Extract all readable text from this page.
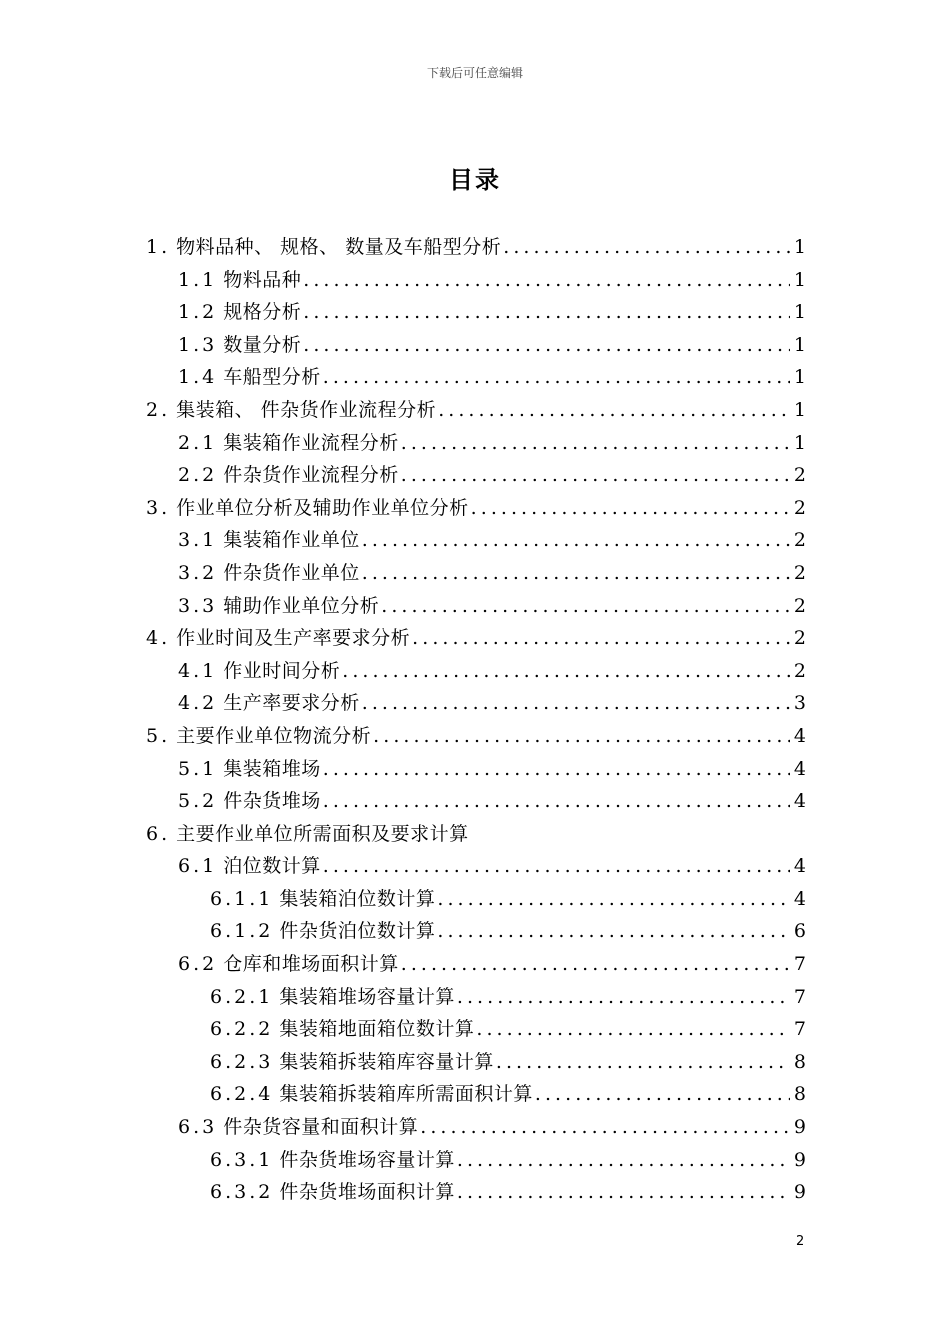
下载后可任意编辑
目录
1. 物料品种、 规格、 数量及车船型分析 . . .	1
1.1 物料品种 . . .	1
1.2 规格分析 . . .	1
1.3 数量分析 . . .	1
1.4 车船型分析 . . .	1
2. 集装箱、 件杂货作业流程分析 . . .	1
2.1 集装箱作业流程分析 . . .	1
2.2 件杂货作业流程分析 . . .	2
3. 作业单位分析及辅助作业单位分析 . . .	2
3.1 集装箱作业单位 . . .	2
3.2 件杂货作业单位 . . .	2
3.3 辅助作业单位分析 . . .	2
4. 作业时间及生产率要求分析 . . .	2
4.1 作业时间分析 . . .	2
4.2 生产率要求分析 . . .	3
5. 主要作业单位物流分析 . . .	4
5.1 集装箱堆场 . . .	4
5.2 件杂货堆场 . . .	4
6. 主要作业单位所需面积及要求计算
6.1 泊位数计算 . . .	4
6.1.1 集装箱泊位数计算 . . .	4
6.1.2 件杂货泊位数计算 . . .	6
6.2 仓库和堆场面积计算 . . .	7
6.2.1 集装箱堆场容量计算 . . .	7
6.2.2 集装箱地面箱位数计算 . . .	7
6.2.3 集装箱拆装箱库容量计算 . . .	8
6.2.4 集装箱拆装箱库所需面积计算 . . .	8
6.3 件杂货容量和面积计算 . . .	9
6.3.1 件杂货堆场容量计算 . . .	9
6.3.2 件杂货堆场面积计算 . . .	9
2
